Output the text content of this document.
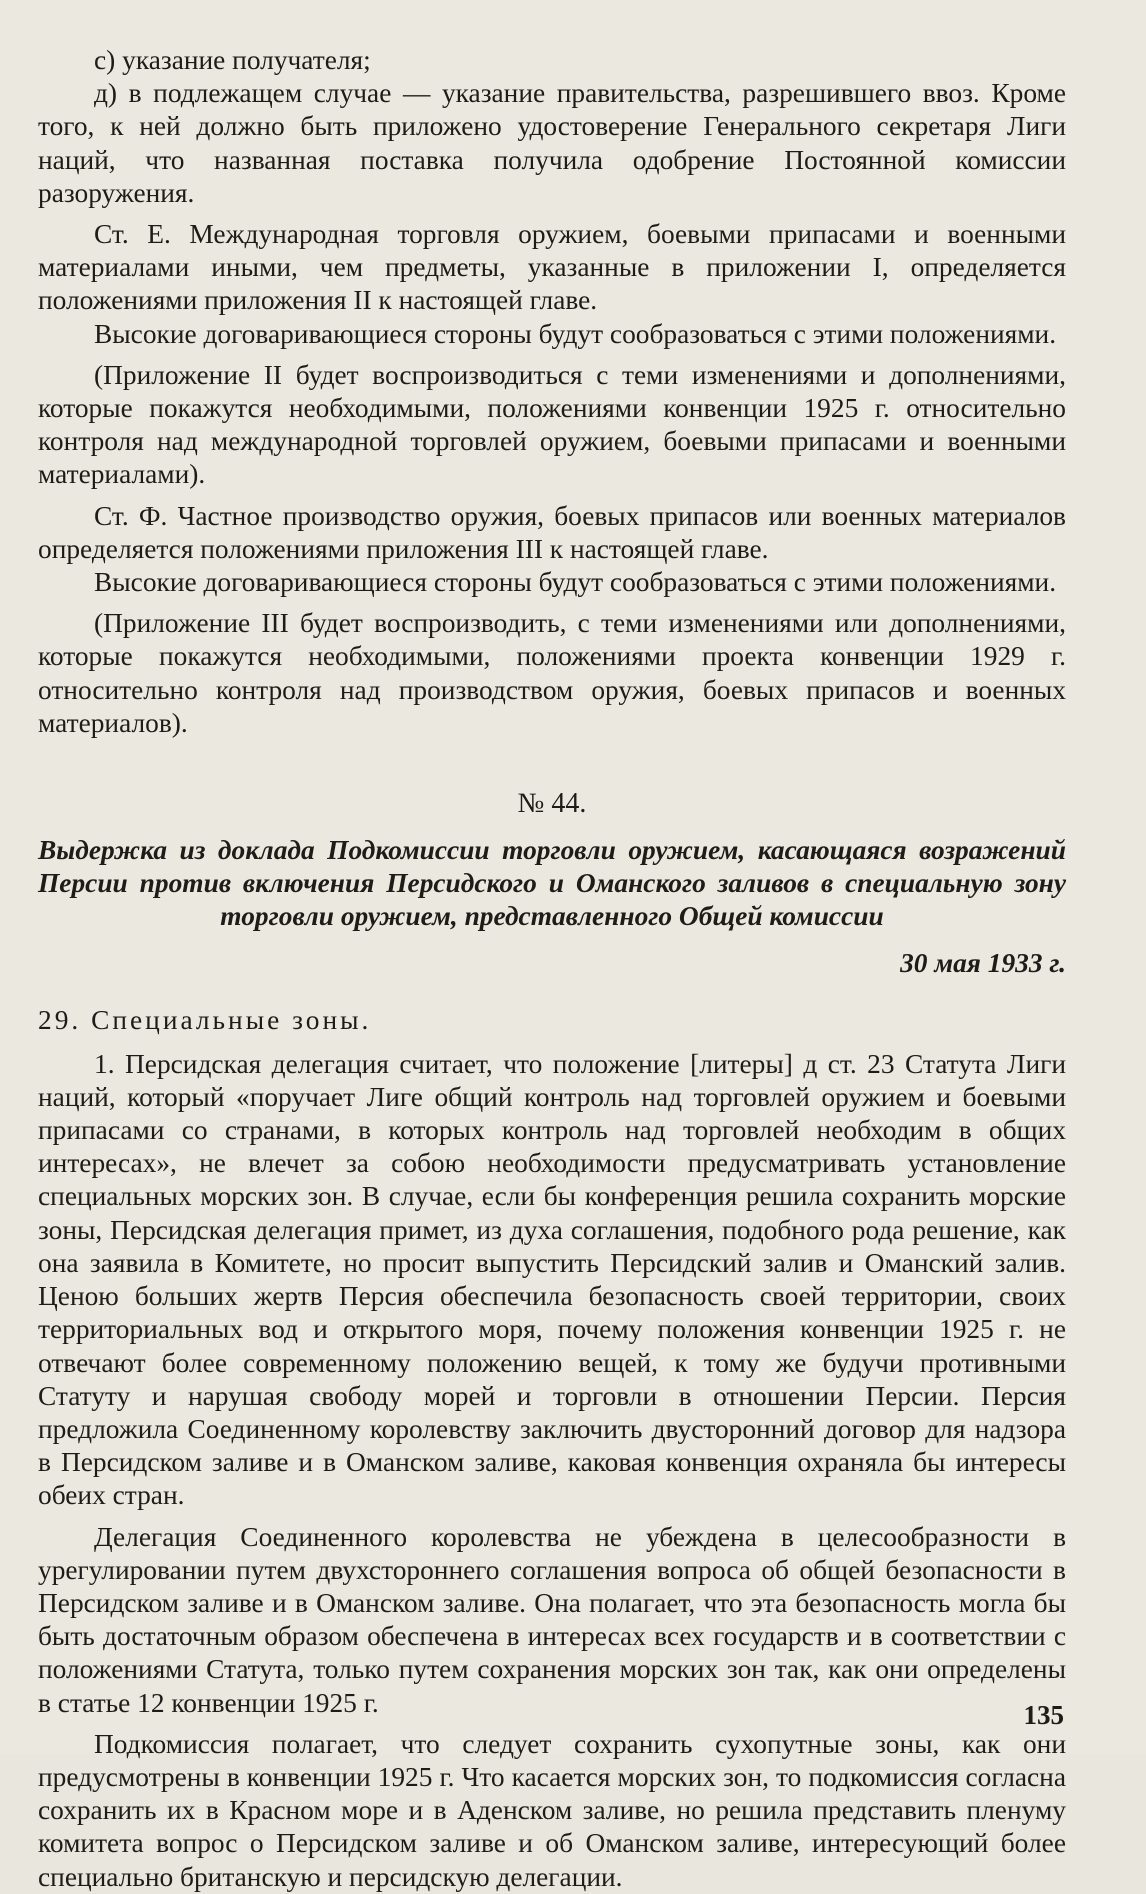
с) указание получателя;

д) в подлежащем случае — указание правительства, разрешившего ввоз. Кроме того, к ней должно быть приложено удостоверение Генерального секретаря Лиги наций, что названная поставка получила одобрение Постоянной комиссии разоружения.

Ст. Е. Международная торговля оружием, боевыми припасами и военными материалами иными, чем предметы, указанные в приложении I, определяется положениями приложения II к настоящей главе.

Высокие договаривающиеся стороны будут сообразоваться с этими положениями.

(Приложение II будет воспроизводиться с теми изменениями и дополнениями, которые покажутся необходимыми, положениями конвенции 1925 г. относительно контроля над международной торговлей оружием, боевыми припасами и военными материалами).

Ст. Ф. Частное производство оружия, боевых припасов или военных материалов определяется положениями приложения III к настоящей главе.

Высокие договаривающиеся стороны будут сообразоваться с этими положениями.

(Приложение III будет воспроизводить, с теми изменениями или дополнениями, которые покажутся необходимыми, положениями проекта конвенции 1929 г. относительно контроля над производством оружия, боевых припасов и военных материалов).

№ 44.

Выдержка из доклада Подкомиссии торговли оружием, касающаяся возражений Персии против включения Персидского и Оманского заливов в специальную зону торговли оружием, представленного Общей комиссии

30 мая 1933 г.
29. Специальные зоны.

1. Персидская делегация считает, что положение [литеры] д ст. 23 Статута Лиги наций, который «поручает Лиге общий контроль над торговлей оружием и боевыми припасами со странами, в которых контроль над торговлей необходим в общих интересах», не влечет за собою необходимости предусматривать установление специальных морских зон. В случае, если бы конференция решила сохранить морские зоны, Персидская делегация примет, из духа соглашения, подобного рода решение, как она заявила в Комитете, но просит выпустить Персидский залив и Оманский залив. Ценою больших жертв Персия обеспечила безопасность своей территории, своих территориальных вод и открытого моря, почему положения конвенции 1925 г. не отвечают более современному положению вещей, к тому же будучи противными Статуту и нарушая свободу морей и торговли в отношении Персии. Персия предложила Соединенному королевству заключить двусторонний договор для надзора в Персидском заливе и в Оманском заливе, каковая конвенция охраняла бы интересы обеих стран.

Делегация Соединенного королевства не убеждена в целесообразности в урегулировании путем двухстороннего соглашения вопроса об общей безопасности в Персидском заливе и в Оманском заливе. Она полагает, что эта безопасность могла бы быть достаточным образом обеспечена в интересах всех государств и в соответствии с положениями Статута, только путем сохранения морских зон так, как они определены в статье 12 конвенции 1925 г.

Подкомиссия полагает, что следует сохранить сухопутные зоны, как они предусмотрены в конвенции 1925 г. Что касается морских зон, то подкомиссия согласна сохранить их в Красном море и в Аденском заливе, но решила представить пленуму комитета вопрос о Персидском заливе и об Оманском заливе, интересующий более специально британскую и персидскую делегации.

135
